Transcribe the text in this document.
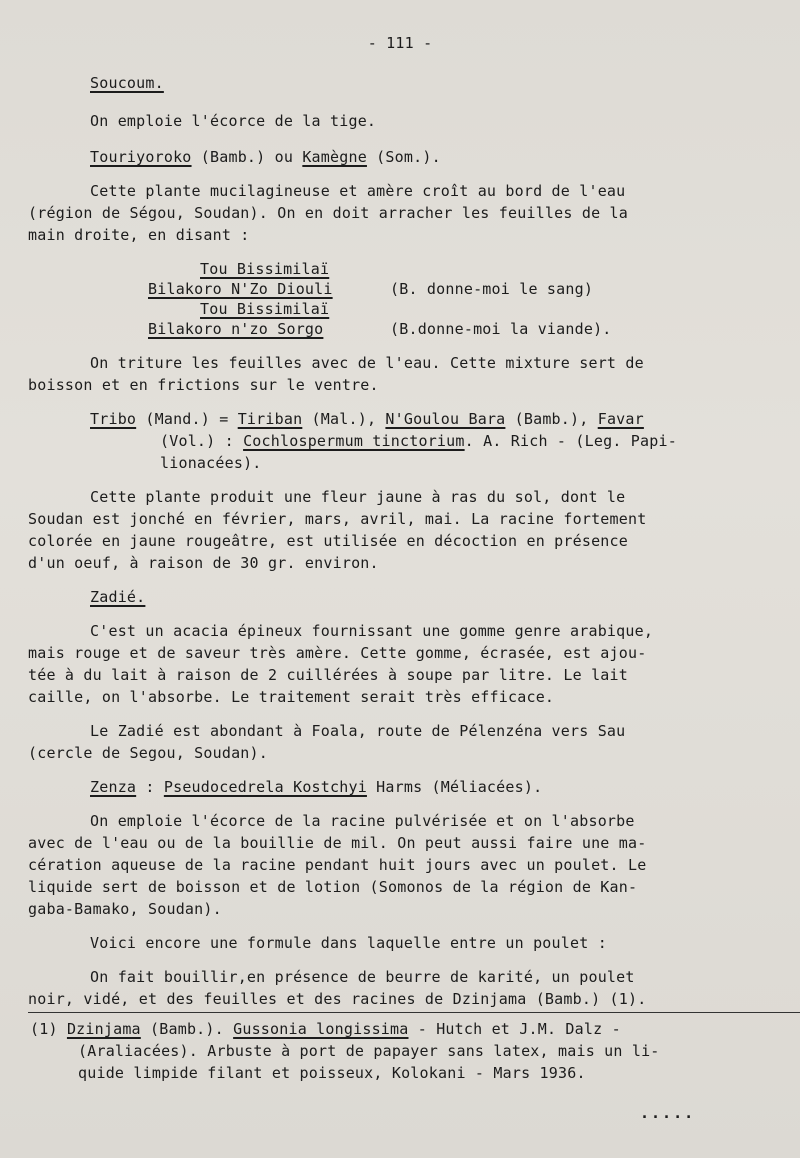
- 111 -
Soucoum.
On emploie l'écorce de la tige.
Touriyoroko (Bamb.) ou Kamègne (Som.).
Cette plante mucilagineuse et amère croît au bord de l'eau
(région de Ségou, Soudan). On en doit arracher les feuilles de la
main droite, en disant :
Tou Bissimilaï
Bilakoro N'Zo Diouli	(B. donne-moi le sang)
Tou Bissimilaï
Bilakoro n'zo Sorgo	(B.donne-moi la viande).
On triture les feuilles avec de l'eau. Cette mixture sert de
boisson et en frictions sur le ventre.
Tribo (Mand.) = Tiriban (Mal.), N'Goulou Bara (Bamb.), Favar
(Vol.) : Cochlospermum tinctorium. A. Rich - (Leg. Papi-
lionacées).
Cette plante produit une fleur jaune à ras du sol, dont le
Soudan est jonché en février, mars, avril, mai. La racine fortement
colorée en jaune rougeâtre, est utilisée en décoction en présence
d'un oeuf, à raison de 30 gr. environ.
Zadié.
C'est un acacia épineux fournissant une gomme genre arabique,
mais rouge et de saveur très amère. Cette gomme, écrasée, est ajou-
tée à du lait à raison de 2 cuillérées à soupe par litre. Le lait
caille, on l'absorbe. Le traitement serait très efficace.
Le Zadié est abondant à Foala, route de Pélenzéna vers Sau
(cercle de Segou, Soudan).
Zenza : Pseudocedrela Kostchyi Harms (Méliacées).
On emploie l'écorce de la racine pulvérisée et on l'absorbe
avec de l'eau ou de la bouillie de mil. On peut aussi faire une ma-
cération aqueuse de la racine pendant huit jours avec un poulet. Le
liquide sert de boisson et de lotion (Somonos de la région de Kan-
gaba-Bamako, Soudan).
Voici encore une formule dans laquelle entre un poulet :
On fait bouillir,en présence de beurre de karité, un poulet
noir, vidé, et des feuilles et des racines de Dzinjama (Bamb.) (1).
(1) Dzinjama (Bamb.). Gussonia longissima - Hutch et J.M. Dalz -
(Araliacées). Arbuste à port de papayer sans latex, mais un li-
quide limpide filant et poisseux, Kolokani - Mars 1936.
.....
